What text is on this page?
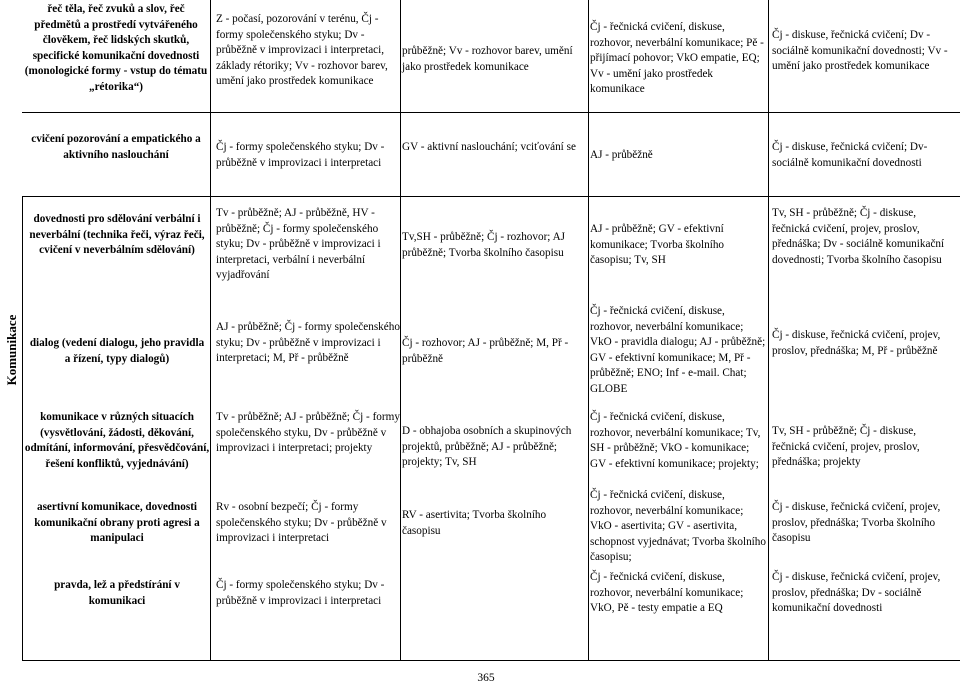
Komunikace
řeč těla, řeč zvuků a slov, řeč předmětů a prostředí vytvářeného člověkem, řeč lidských skutků, specifické komunikační dovednosti (monologické formy - vstup do tématu „rétorika“)
Z - počasí, pozorování v terénu, Čj - formy společenského styku; Dv - průběžně v improvizaci i interpretaci, základy rétoriky; Vv - rozhovor barev, umění jako prostředek komunikace
průběžně; Vv - rozhovor barev, umění jako prostředek komunikace
Čj - řečnická cvičení, diskuse, rozhovor, neverbální komunikace; Pě - přijímací pohovor; VkO empatie, EQ; Vv - umění jako prostředek komunikace
Čj - diskuse, řečnická cvičení; Dv - sociálně komunikační dovednosti; Vv - umění jako prostředek komunikace
cvičení pozorování a empatického a aktivního naslouchání
Čj - formy společenského styku; Dv - průběžně v improvizaci i interpretaci
GV - aktivní naslouchání; vciťování se
AJ - průběžně
Čj - diskuse, řečnická cvičení; Dv- sociálně komunikační dovednosti
dovednosti pro sdělování verbální i neverbální (technika řeči, výraz řeči, cvičení v neverbálním sdělování)
Tv - průběžně; AJ - průběžně, HV - průběžně; Čj - formy společenského styku; Dv - průběžně v improvizaci i interpretaci, verbální i neverbální vyjadřování
Tv,SH - průběžně; Čj - rozhovor; AJ průběžně; Tvorba školního časopisu
AJ - průběžně; GV - efektivní komunikace; Tvorba školního časopisu; Tv, SH
Tv, SH - průběžně; Čj - diskuse, řečnická cvičení, projev, proslov, přednáška; Dv - sociálně komunikační dovednosti; Tvorba školního časopisu
dialog (vedení dialogu, jeho pravidla a řízení, typy dialogů)
AJ - průběžně; Čj - formy společenského styku; Dv - průběžně v improvizaci i interpretaci; M, Př - průběžně
Čj - rozhovor; AJ - průběžně; M, Př - průběžně
Čj - řečnická cvičení, diskuse, rozhovor, neverbální komunikace; VkO - pravidla dialogu; AJ - průběžně; GV - efektivní komunikace; M, Př - průběžně; ENO; Inf - e-mail. Chat; GLOBE
Čj - diskuse, řečnická cvičení, projev, proslov, přednáška; M, Př - průběžně
komunikace v různých situacích (vysvětlování, žádosti, děkování, odmítání, informování, přesvědčování, řešení konfliktů, vyjednávání)
Tv - průběžně; AJ - průběžně; Čj - formy společenského styku, Dv - průběžně v improvizaci i interpretaci; projekty
D - obhajoba osobních a skupinových projektů, průběžně; AJ - průběžně; projekty; Tv, SH
Čj - řečnická cvičení, diskuse, rozhovor, neverbální komunikace; Tv, SH - průběžně; VkO - komunikace; GV - efektivní komunikace; projekty;
Tv, SH - průběžně; Čj - diskuse, řečnická cvičení, projev, proslov, přednáška; projekty
asertivní komunikace, dovednosti komunikační obrany proti agresi a manipulaci
Rv - osobní bezpečí; Čj - formy společenského styku; Dv - průběžně v improvizaci i interpretaci
RV - asertivita; Tvorba školního časopisu
Čj - řečnická cvičení, diskuse, rozhovor, neverbální komunikace; VkO - asertivita; GV - asertivita, schopnost vyjednávat; Tvorba školního časopisu;
Čj - diskuse, řečnická cvičení, projev, proslov, přednáška; Tvorba školního časopisu
pravda, lež a předstírání v komunikaci
Čj - formy společenského styku; Dv - průběžně v improvizaci i interpretaci
Čj - řečnická cvičení, diskuse, rozhovor, neverbální komunikace; VkO, Pě - testy empatie a EQ
Čj - diskuse, řečnická cvičení, projev, proslov, přednáška; Dv - sociálně komunikační dovednosti
365
